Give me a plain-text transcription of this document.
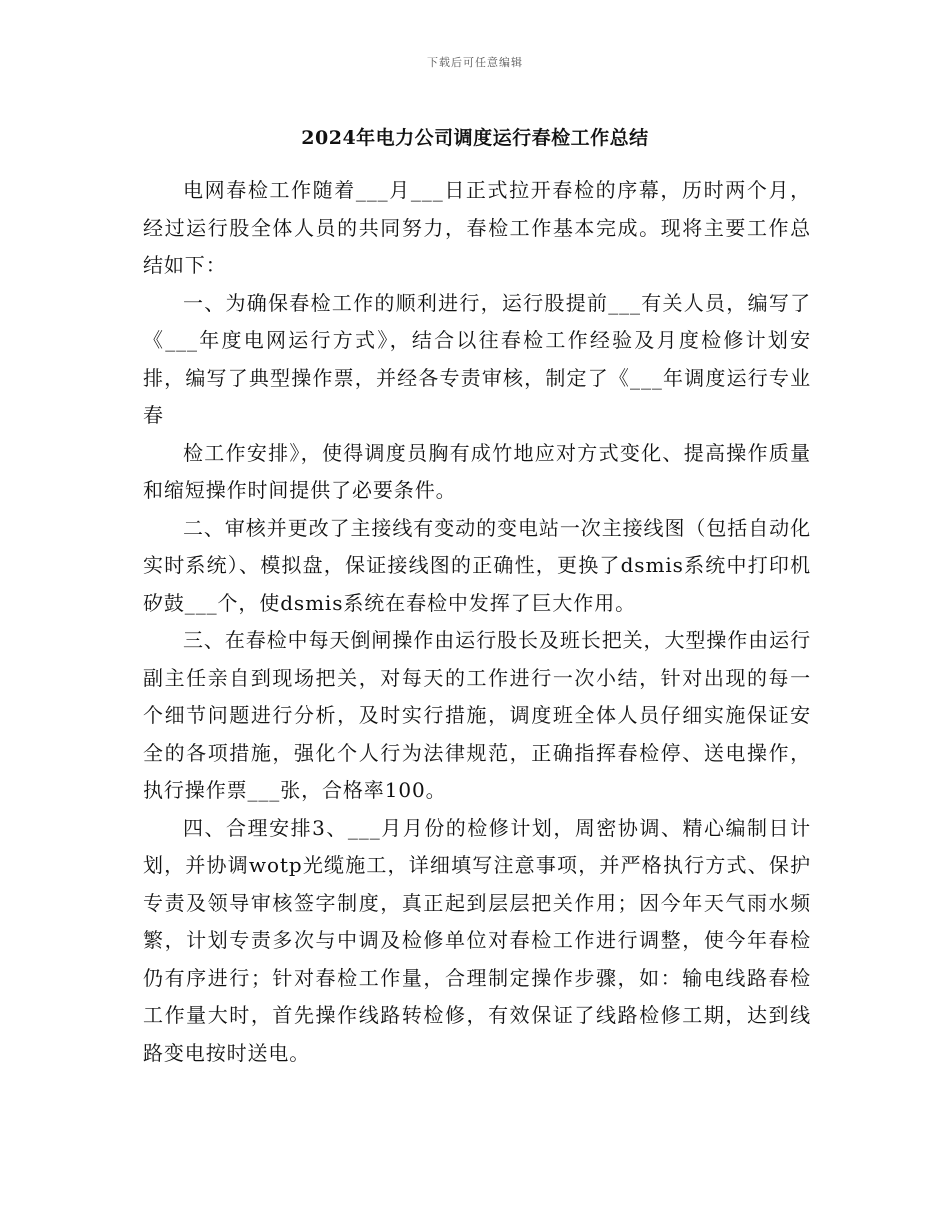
下载后可任意编辑
2024年电力公司调度运行春检工作总结

电网春检工作随着___月___日正式拉开春检的序幕，历时两个月，经过运行股全体人员的共同努力，春检工作基本完成。现将主要工作总结如下：

一、为确保春检工作的顺利进行，运行股提前___有关人员，编写了《___年度电网运行方式》，结合以往春检工作经验及月度检修计划安排，编写了典型操作票，并经各专责审核，制定了《___年调度运行专业春

检工作安排》，使得调度员胸有成竹地应对方式变化、提高操作质量和缩短操作时间提供了必要条件。

二、审核并更改了主接线有变动的变电站一次主接线图（包括自动化实时系统）、模拟盘，保证接线图的正确性，更换了dsmis系统中打印机矽鼓___个，使dsmis系统在春检中发挥了巨大作用。

三、在春检中每天倒闸操作由运行股长及班长把关，大型操作由运行副主任亲自到现场把关，对每天的工作进行一次小结，针对出现的每一个细节问题进行分析，及时实行措施，调度班全体人员仔细实施保证安全的各项措施，强化个人行为法律规范，正确指挥春检停、送电操作，执行操作票___张，合格率100。

四、合理安排3、___月月份的检修计划，周密协调、精心编制日计划，并协调wotp光缆施工，详细填写注意事项，并严格执行方式、保护专责及领导审核签字制度，真正起到层层把关作用；因今年天气雨水频繁，计划专责多次与中调及检修单位对春检工作进行调整，使今年春检仍有序进行；针对春检工作量，合理制定操作步骤，如：输电线路春检工作量大时，首先操作线路转检修，有效保证了线路检修工期，达到线路变电按时送电。
